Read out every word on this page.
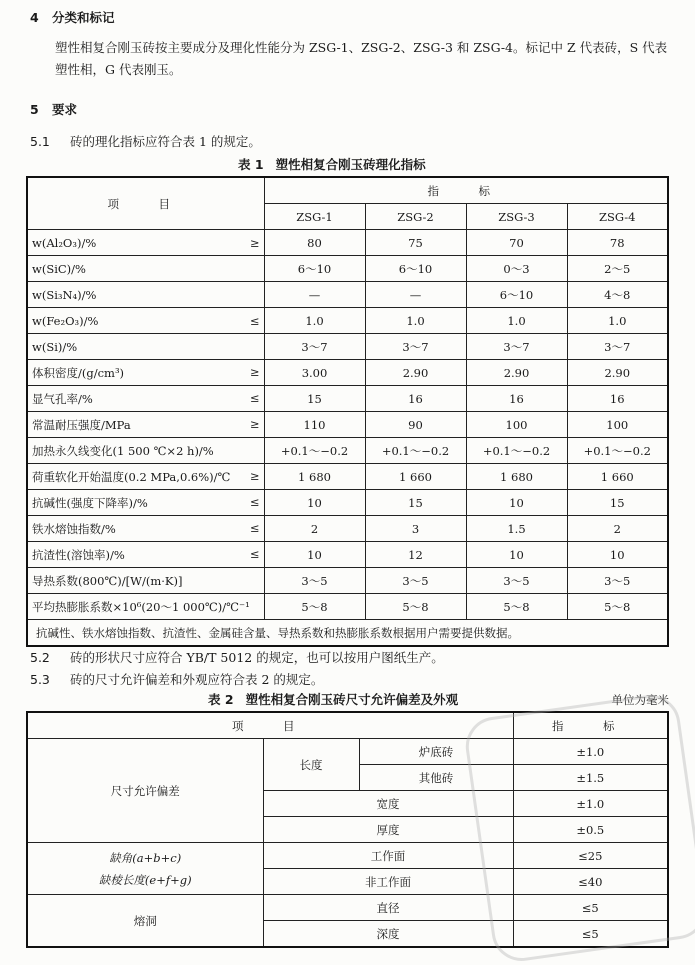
4 分类和标记
塑性相复合刚玉砖按主要成分及理化性能分为 ZSG-1、ZSG-2、ZSG-3 和 ZSG-4。标记中 Z 代表砖，S 代表塑性相，G 代表刚玉。
5 要求
5.1 砖的理化指标应符合表 1 的规定。
表 1 塑性相复合刚玉砖理化指标
项　目	指　标			
	ZSG-1	ZSG-2	ZSG-3	ZSG-4

w(Al₂O₃)/% ≥	80	75	70	78

w(SiC)/%	6～10	6～10	0～3	2～5

w(Si₃N₄)/%	—	—	6～10	4～8

w(Fe₂O₃)/% ≤	1.0	1.0	1.0	1.0

w(Si)/%	3～7	3～7	3～7	3～7

体积密度/(g/cm³) ≥	3.00	2.90	2.90	2.90

显气孔率/% ≤	15	16	16	16

常温耐压强度/MPa ≥	110	90	100	100

加热永久线变化(1 500 ℃×2 h)/%	+0.1～−0.2	+0.1～−0.2	+0.1～−0.2	+0.1～−0.2

荷重软化开始温度(0.2 MPa,0.6%)/℃ ≥	1 680	1 660	1 680	1 660

抗碱性(强度下降率)/% ≤	10	15	10	15

铁水熔蚀指数/% ≤	2	3	1.5	2

抗渣性(溶蚀率)/% ≤	10	12	10	10

导热系数(800℃)/[W/(m·K)]	3～5	3～5	3～5	3～5

平均热膨胀系数×10⁶(20～1 000℃)/℃⁻¹	5～8	5～8	5～8	5～8
抗碱性、铁水熔蚀指数、抗渣性、金属硅含量、导热系数和热膨胀系数根据用户需要提供数据。				
5.2 砖的形状尺寸应符合 YB/T 5012 的规定，也可以按用户图纸生产。
5.3 砖的尺寸允许偏差和外观应符合表 2 的规定。
表 2 塑性相复合刚玉砖尺寸允许偏差及外观	单位为毫米
项　目			指　标
尺寸允许偏差	长度	炉底砖	±1.0
		其他砖	±1.5
	宽度		±1.0
	厚度		±0.5

缺角(a+b+c)
缺棱长度(e+f+g)	工作面		≤25
	非工作面		≤40
熔洞	直径		≤5
	深度		≤5
